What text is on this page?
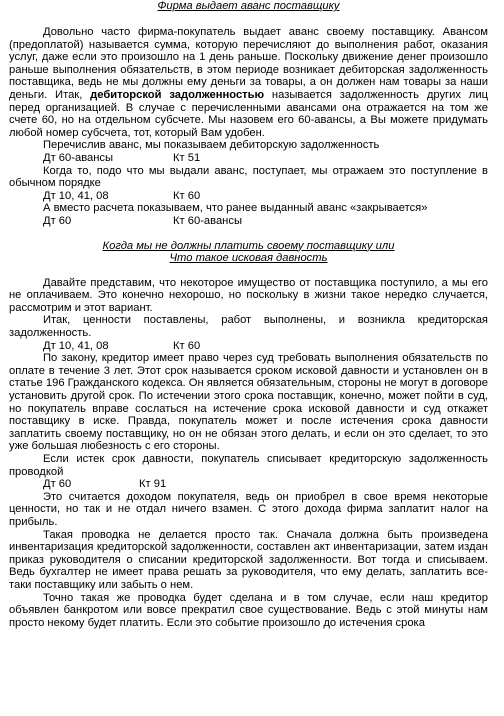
Фирма выдает аванс поставщику

Довольно часто фирма-покупатель выдает аванс своему поставщику. Авансом (предоплатой) называется сумма, которую перечисляют до выполнения работ, оказания услуг, даже если это произошло на 1 день раньше. Поскольку движение денег произошло раньше выполнения обязательств, в этом периоде возникает дебиторская задолженность поставщика, ведь не мы должны ему деньги за товары, а он должен нам товары за наши деньги. Итак, дебиторской задолженностью называется задолженность других лиц перед организацией. В случае с перечисленными авансами она отражается на том же счете 60, но на отдельном субсчете. Мы назовем его 60-авансы, а Вы можете придумать любой номер субсчета, тот, который Вам удобен.

Перечислив аванс, мы показываем дебиторскую задолженность

Дт 60-авансы	Кт 51

Когда то, подо что мы выдали аванс, поступает, мы отражаем это поступление в обычном порядке

Дт 10, 41, 08	Кт 60

А вместо расчета показываем, что ранее выданный аванс «закрывается»

Дт 60	Кт 60-авансы

Когда мы не должны платить своему поставщику или

Что такое исковая давность

Давайте представим, что некоторое имущество от поставщика поступило, а мы его не оплачиваем. Это конечно нехорошо, но поскольку в жизни такое нередко случается, рассмотрим и этот вариант.

Итак, ценности поставлены, работ выполнены, и возникла кредиторская задолженность.

Дт 10, 41, 08	Кт 60

По закону, кредитор имеет право через суд требовать выполнения обязательств по оплате в течение 3 лет. Этот срок называется сроком исковой давности и установлен он в статье 196 Гражданского кодекса. Он является обязательным, стороны не могут в договоре установить другой срок. По истечении этого срока поставщик, конечно, может пойти в суд, но покупатель вправе сослаться на истечение срока исковой давности и суд откажет поставщику в иске. Правда, покупатель может и после истечения срока давности заплатить своему поставщику, но он не обязан этого делать, и если он это сделает, то это уже большая любезность с его стороны.

Если истек срок давности, покупатель списывает кредиторскую задолженность проводкой

Дт 60	Кт 91

Это считается доходом покупателя, ведь он приобрел в свое время некоторые ценности, но так и не отдал ничего взамен. С этого дохода фирма заплатит налог на прибыль.

Такая проводка не делается просто так. Сначала должна быть произведена инвентаризация кредиторской задолженности, составлен акт инвентаризации, затем издан приказ руководителя о списании кредиторской задолженности. Вот тогда и списываем. Ведь бухгалтер не имеет права решать за руководителя, что ему делать, заплатить все-таки поставщику или забыть о нем.

Точно такая же проводка будет сделана и в том случае, если наш кредитор объявлен банкротом или вовсе прекратил свое существование. Ведь с этой минуты нам просто некому будет платить. Если это событие произошло до истечения срока
